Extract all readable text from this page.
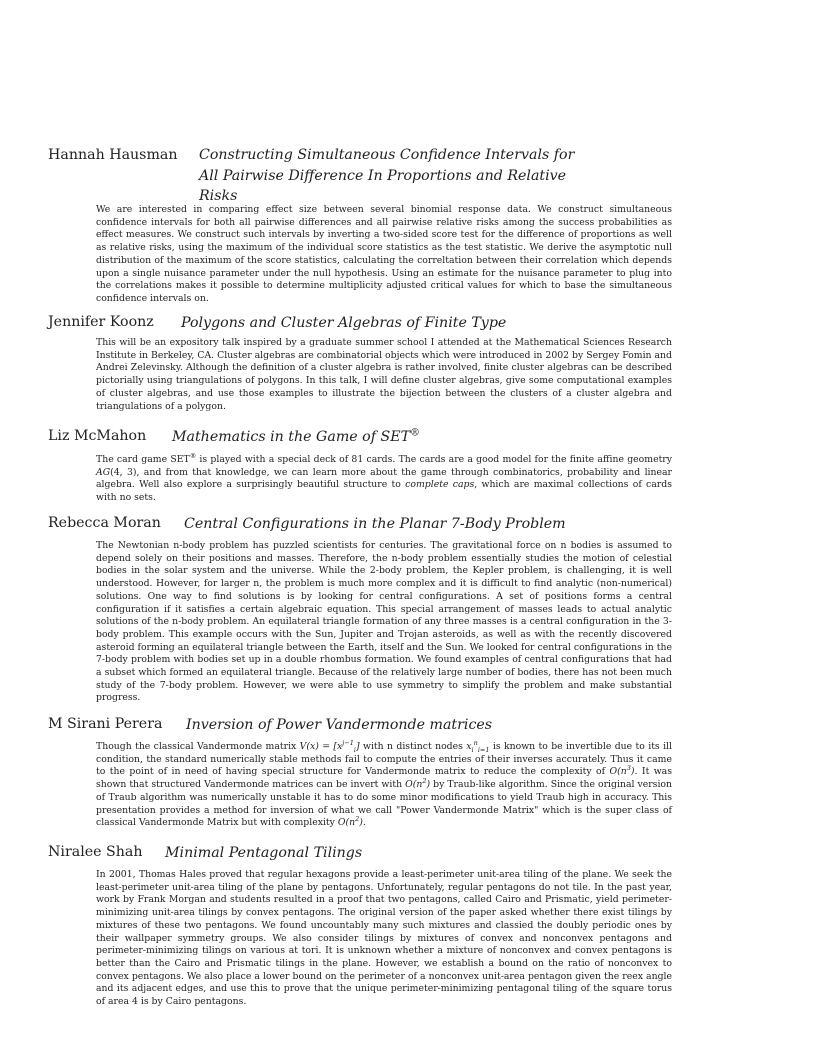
Hannah Hausman Constructing Simultaneous Confidence Intervals for
All Pairwise Difference In Proportions and Relative
Risks
We are interested in comparing effect size between several binomial response data. We construct simultaneous confidence intervals for both all pairwise differences and all pairwise relative risks among the success probabilities as effect measures. We construct such intervals by inverting a two-sided score test for the difference of proportions as well as relative risks, using the maximum of the individual score statistics as the test statistic. We derive the asymptotic null distribution of the maximum of the score statistics, calculating the correltation between their correlation which depends upon a single nuisance parameter under the null hypothesis. Using an estimate for the nuisance parameter to plug into the correlations makes it possible to determine multiplicity adjusted critical values for which to base the simultaneous confidence intervals on.
Jennifer Koonz Polygons and Cluster Algebras of Finite Type
This will be an expository talk inspired by a graduate summer school I attended at the Mathematical Sciences Research Institute in Berkeley, CA. Cluster algebras are combinatorial objects which were introduced in 2002 by Sergey Fomin and Andrei Zelevinsky. Although the definition of a cluster algebra is rather involved, finite cluster algebras can be described pictorially using triangulations of polygons. In this talk, I will define cluster algebras, give some computational examples of cluster algebras, and use those examples to illustrate the bijection between the clusters of a cluster algebra and triangulations of a polygon.
Liz McMahon Mathematics in the Game of SET®
The card game SET® is played with a special deck of 81 cards. The cards are a good model for the finite affine geometry AG(4, 3), and from that knowledge, we can learn more about the game through combinatorics, probability and linear algebra. Well also explore a surprisingly beautiful structure to complete caps, which are maximal collections of cards with no sets.
Rebecca Moran Central Configurations in the Planar 7-Body Problem
The Newtonian n-body problem has puzzled scientists for centuries. The gravitational force on n bodies is assumed to depend solely on their positions and masses. Therefore, the n-body problem essentially studies the motion of celestial bodies in the solar system and the universe. While the 2-body problem, the Kepler problem, is challenging, it is well understood. However, for larger n, the problem is much more complex and it is difficult to find analytic (non-numerical) solutions. One way to find solutions is by looking for central configurations. A set of positions forms a central configuration if it satisfies a certain algebraic equation. This special arrangement of masses leads to actual analytic solutions of the n-body problem. An equilateral triangle formation of any three masses is a central configuration in the 3-body problem. This example occurs with the Sun, Jupiter and Trojan asteroids, as well as with the recently discovered asteroid forming an equilateral triangle between the Earth, itself and the Sun. We looked for central configurations in the 7-body problem with bodies set up in a double rhombus formation. We found examples of central configurations that had a subset which formed an equilateral triangle. Because of the relatively large number of bodies, there has not been much study of the 7-body problem. However, we were able to use symmetry to simplify the problem and make substantial progress.
M Sirani Perera Inversion of Power Vandermonde matrices
Though the classical Vandermonde matrix $V(x) = [x^{j-1}_i]$ with n distinct nodes $x_i^n_{i=1}$ is known to be invertible due to its ill condition, the standard numerically stable methods fail to compute the entries of their inverses accurately. Thus it came to the point of in need of having special structure for Vandermonde matrix to reduce the complexity of $O(n^3)$. It was shown that structured Vandermonde matrices can be invert with $O(n^2)$ by Traub-like algorithm. Since the original version of Traub algorithm was numerically unstable it has to do some minor modifications to yield Traub high in accuracy. This presentation provides a method for inversion of what we call "Power Vandermonde Matrix" which is the super class of classical Vandermonde Matrix but with complexity $O(n^2)$.
Niralee Shah Minimal Pentagonal Tilings
In 2001, Thomas Hales proved that regular hexagons provide a least-perimeter unit-area tiling of the plane. We seek the least-perimeter unit-area tiling of the plane by pentagons. Unfortunately, regular pentagons do not tile. In the past year, work by Frank Morgan and students resulted in a proof that two pentagons, called Cairo and Prismatic, yield perimeter-minimizing unit-area tilings by convex pentagons. The original version of the paper asked whether there exist tilings by mixtures of these two pentagons. We found uncountably many such mixtures and classied the doubly periodic ones by their wallpaper symmetry groups. We also consider tilings by mixtures of convex and nonconvex pentagons and perimeter-minimizing tilings on various at tori. It is unknown whether a mixture of nonconvex and convex pentagons is better than the Cairo and Prismatic tilings in the plane. However, we establish a bound on the ratio of nonconvex to convex pentagons. We also place a lower bound on the perimeter of a nonconvex unit-area pentagon given the reex angle and its adjacent edges, and use this to prove that the unique perimeter-minimizing pentagonal tiling of the square torus of area 4 is by Cairo pentagons.
